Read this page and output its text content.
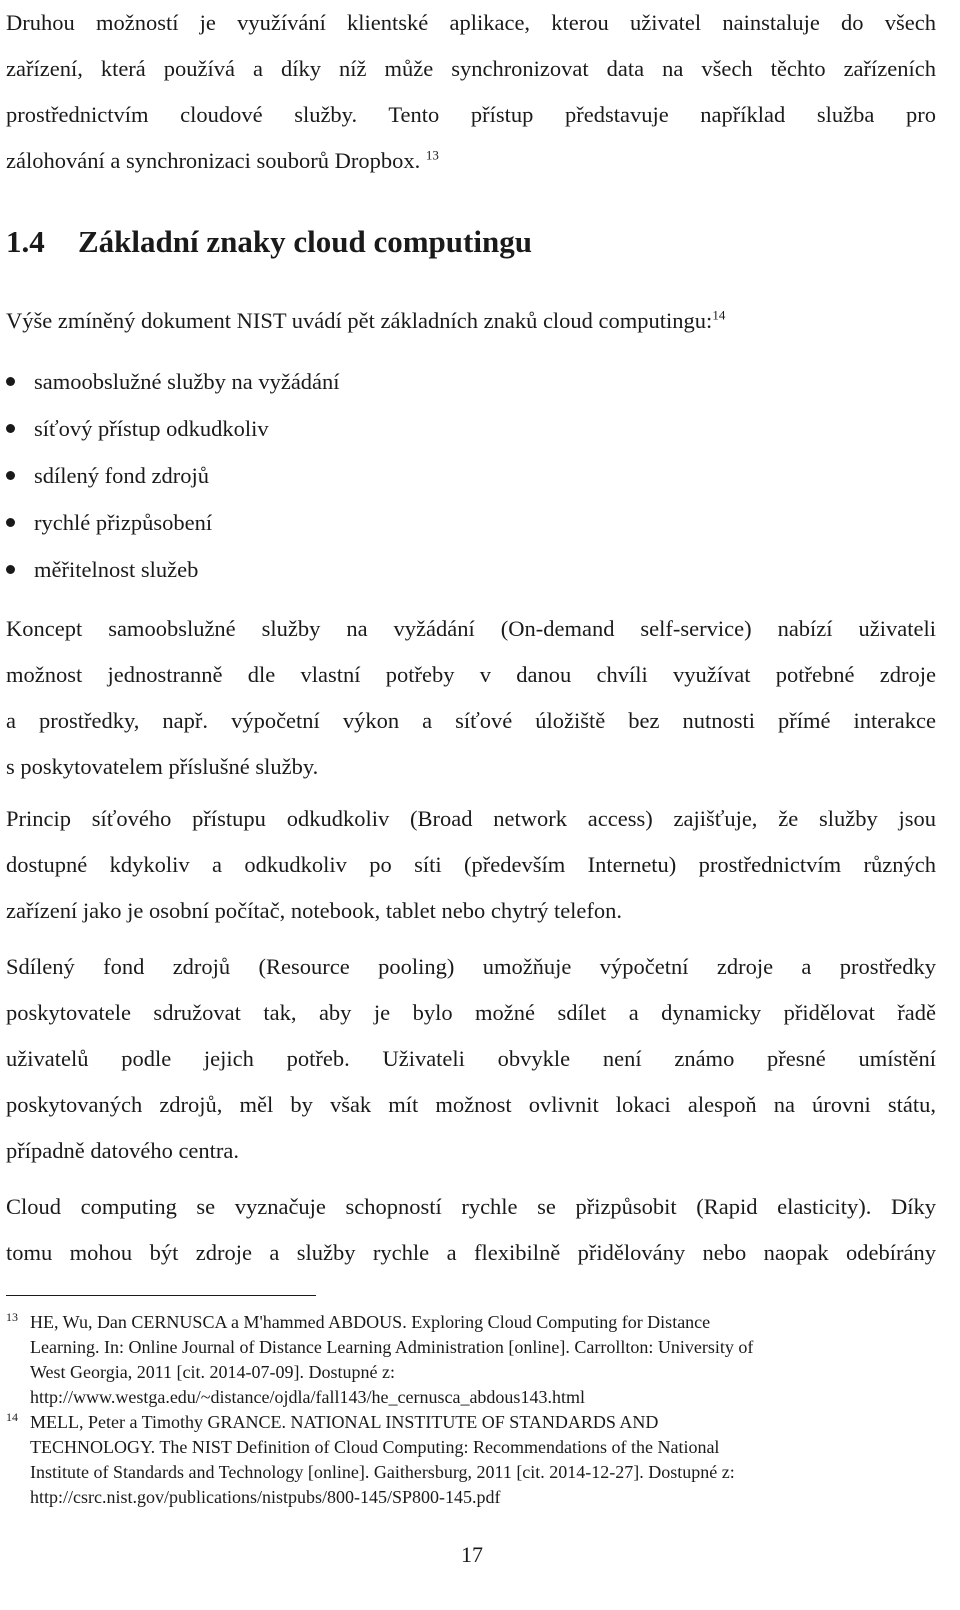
Druhou možností je využívání klientské aplikace, kterou uživatel nainstaluje do všech
zařízení, která používá a díky níž může synchronizovat data na všech těchto zařízeních
prostřednictvím cloudové služby. Tento přístup představuje například služba pro
zálohování a synchronizaci souborů Dropbox. $^{13}$
1.4 Základní znaky cloud computingu
Výše zmíněný dokument NIST uvádí pět základních znaků cloud computingu:$^{14}$
samoobslužné služby na vyžádání
síťový přístup odkudkoliv
sdílený fond zdrojů
rychlé přizpůsobení
měřitelnost služeb
Koncept samoobslužné služby na vyžádání (On-demand self-service) nabízí uživateli
možnost jednostranně dle vlastní potřeby v danou chvíli využívat potřebné zdroje
a prostředky, např. výpočetní výkon a síťové úložiště bez nutnosti přímé interakce
s poskytovatelem příslušné služby.
Princip síťového přístupu odkudkoliv (Broad network access) zajišťuje, že služby jsou
dostupné kdykoliv a odkudkoliv po síti (především Internetu) prostřednictvím různých
zařízení jako je osobní počítač, notebook, tablet nebo chytrý telefon.
Sdílený fond zdrojů (Resource pooling) umožňuje výpočetní zdroje a prostředky
poskytovatele sdružovat tak, aby je bylo možné sdílet a dynamicky přidělovat řadě
uživatelů podle jejich potřeb. Uživateli obvykle není známo přesné umístění
poskytovaných zdrojů, měl by však mít možnost ovlivnit lokaci alespoň na úrovni státu,
případně datového centra.
Cloud computing se vyznačuje schopností rychle se přizpůsobit (Rapid elasticity). Díky
tomu mohou být zdroje a služby rychle a flexibilně přidělovány nebo naopak odebírány
13 HE, Wu, Dan CERNUSCA a M'hammed ABDOUS. Exploring Cloud Computing for Distance
Learning. In: Online Journal of Distance Learning Administration [online]. Carrollton: University of
West Georgia, 2011 [cit. 2014-07-09]. Dostupné z:
http://www.westga.edu/~distance/ojdla/fall143/he_cernusca_abdous143.html
14 MELL, Peter a Timothy GRANCE. NATIONAL INSTITUTE OF STANDARDS AND
TECHNOLOGY. The NIST Definition of Cloud Computing: Recommendations of the National
Institute of Standards and Technology [online]. Gaithersburg, 2011 [cit. 2014-12-27]. Dostupné z:
http://csrc.nist.gov/publications/nistpubs/800-145/SP800-145.pdf
17
